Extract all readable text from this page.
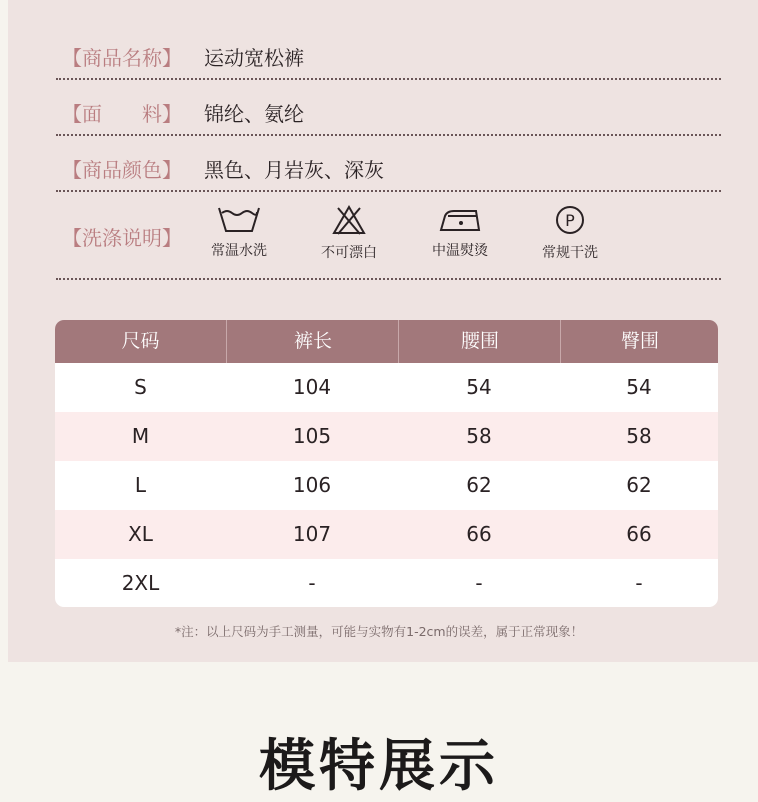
【商品名称】 运动宽松裤
【面　　料】 锦纶、氨纶
【商品颜色】 黑色、月岩灰、深灰
【洗涤说明】
常温水洗	不可漂白	中温熨烫
P
常规干洗
尺码	裤长	腰围	臀围
S	104	54	54
M	105	58	58
L	106	62	62
XL	107	66	66
2XL	-	-	-
*注：以上尺码为手工测量，可能与实物有1-2cm的误差，属于正常现象！
模特展示
